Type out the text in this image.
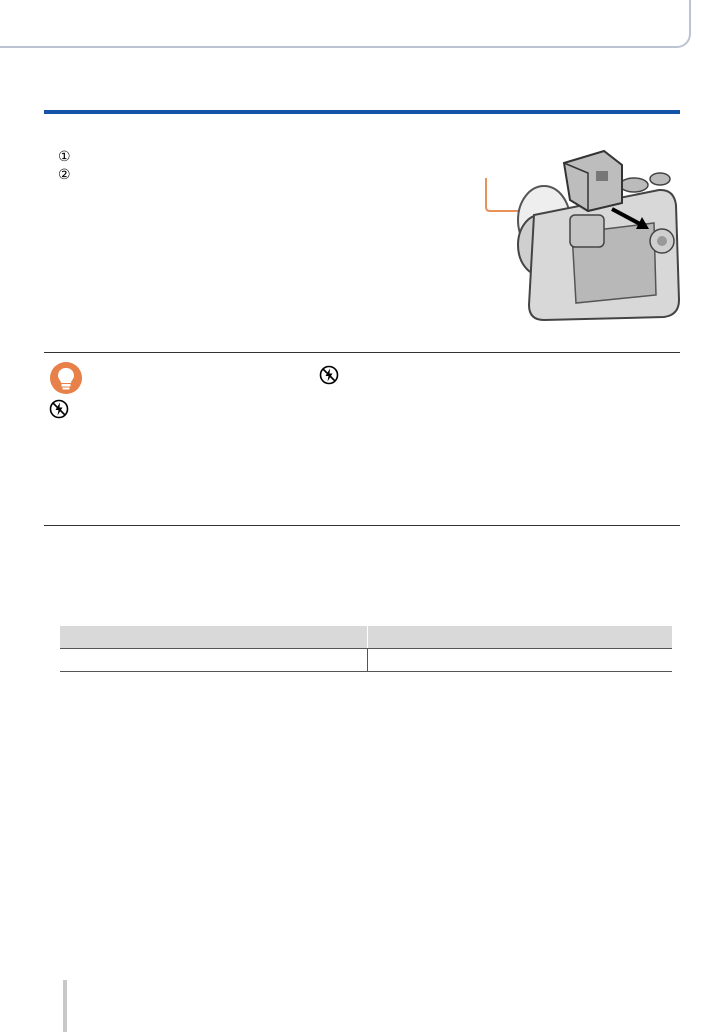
①
②
